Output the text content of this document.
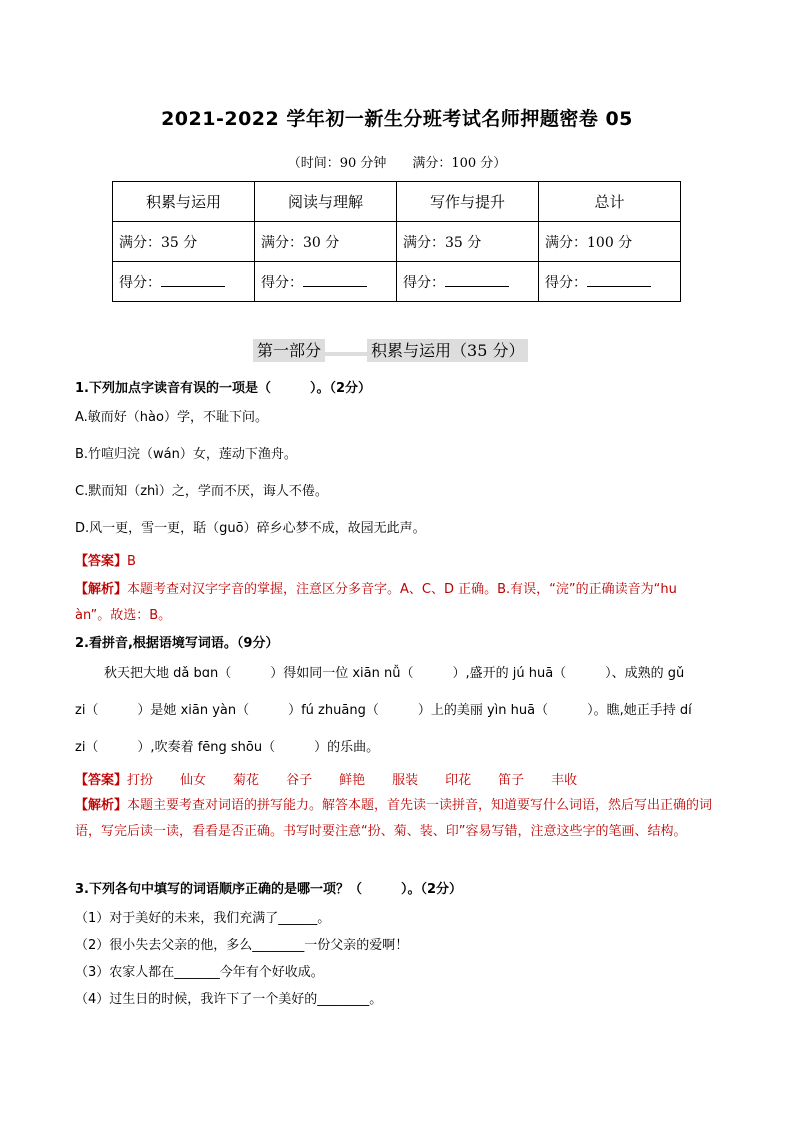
2021-2022 学年初一新生分班考试名师押题密卷 05
（时间：90 分钟　　满分：100 分）
积累与运用	阅读与理解	写作与提升	总计
满分：35 分	满分：30 分	满分：35 分	满分：100 分
得分：	得分：	得分：	得分：
第一部分	积累与运用（35 分）
1.下列加点字读音有误的一项是（　　　）。（2分）
A.敏而好（hào）学，不耻下问。
B.竹喧归浣（wán）女，莲动下渔舟。
C.默而知（zhì）之，学而不厌，诲人不倦。
D.风一更，雪一更，聒（guō）碎乡心梦不成，故园无此声。
【答案】B
【解析】本题考查对汉字字音的掌握，注意区分多音字。A、C、D 正确。B.有误，“浣”的正确读音为“hu
àn”。故选：B。
2.看拼音,根据语境写词语。（9分）
秋天把大地 dǎ bɑn（　　　）得如同一位 xiān nǚ（　　　）,盛开的 jú huā（　　　）、成熟的 gǔ
zi（　　　）是她 xiān yàn（　　　）fú zhuāng（　　　）上的美丽 yìn huā（　　　）。瞧,她正手持 dí
zi（　　　）,吹奏着 fēng shōu（　　　）的乐曲。
【答案】打扮 仙女 菊花 谷子 鲜艳 服装 印花 笛子 丰收
【解析】本题主要考查对词语的拼写能力。解答本题，首先读一读拼音，知道要写什么词语，然后写出正确的词语，写完后读一读，看看是否正确。书写时要注意“扮、菊、装、印”容易写错，注意这些字的笔画、结构。
3.下列各句中填写的词语顺序正确的是哪一项？（　　　）。（2分）
（1）对于美好的未来，我们充满了______。
（2）很小失去父亲的他，多么________一份父亲的爱啊！
（3）农家人都在_______今年有个好收成。
（4）过生日的时候，我许下了一个美好的________。
